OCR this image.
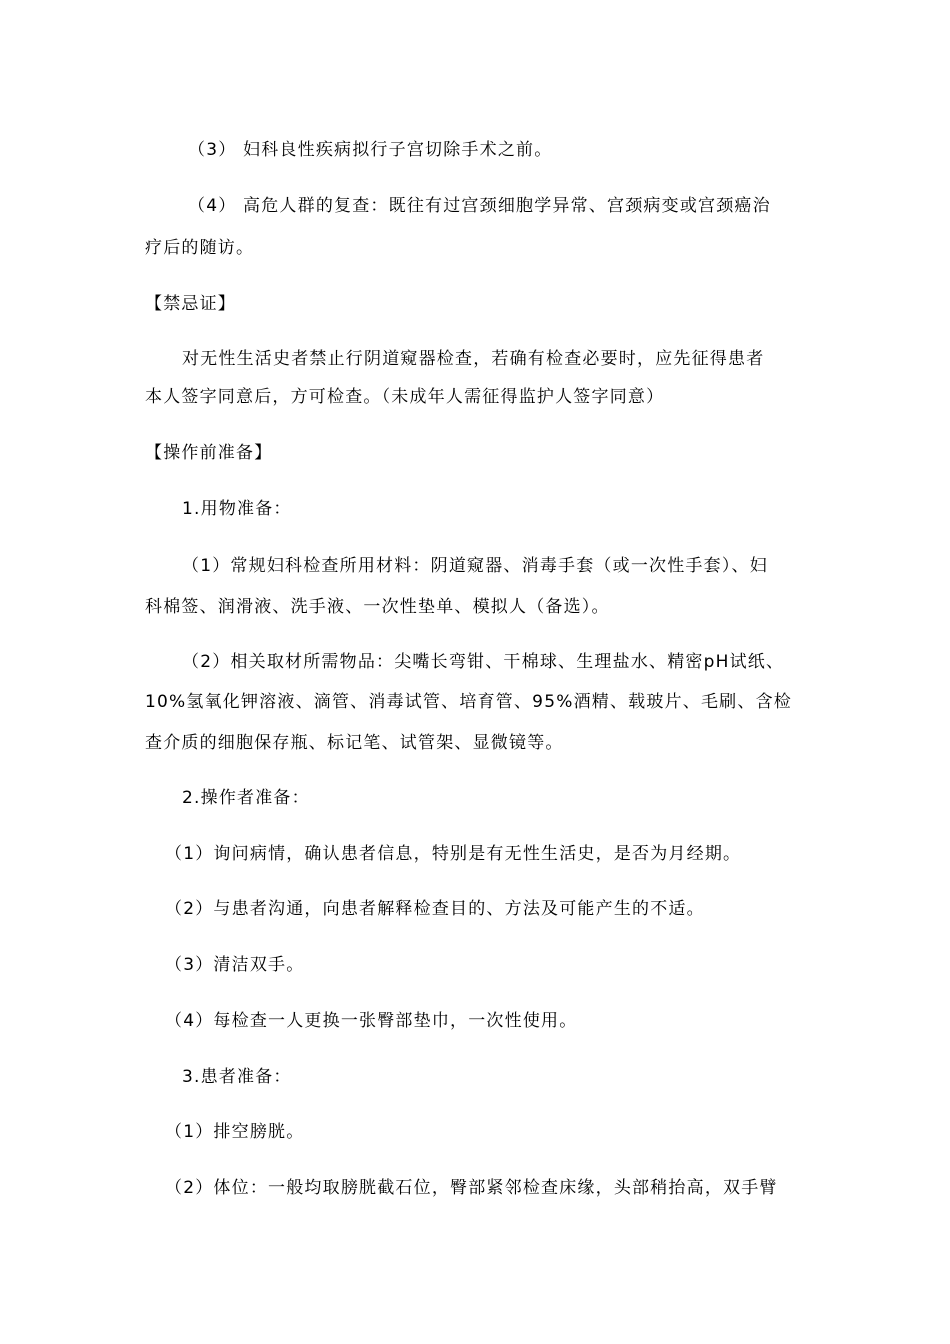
（3） 妇科良性疾病拟行子宫切除手术之前。
（4） 高危人群的复查：既往有过宫颈细胞学异常、宫颈病变或宫颈癌治
疗后的随访。
【禁忌证】
对无性生活史者禁止行阴道窥器检查，若确有检查必要时，应先征得患者
本人签字同意后，方可检查。（未成年人需征得监护人签字同意）
【操作前准备】
1.用物准备：
（1）常规妇科检查所用材料：阴道窥器、消毒手套（或一次性手套）、妇
科棉签、润滑液、洗手液、一次性垫单、模拟人（备选）。
（2）相关取材所需物品：尖嘴长弯钳、干棉球、生理盐水、精密pH试纸、
10%氢氧化钾溶液、滴管、消毒试管、培育管、95%酒精、载玻片、毛刷、含检
查介质的细胞保存瓶、标记笔、试管架、显微镜等。
2.操作者准备：
（1）询问病情，确认患者信息，特别是有无性生活史，是否为月经期。
（2）与患者沟通，向患者解释检查目的、方法及可能产生的不适。
（3）清洁双手。
（4）每检查一人更换一张臀部垫巾，一次性使用。
3.患者准备：
（1）排空膀胱。
（2）体位：一般均取膀胱截石位，臀部紧邻检查床缘，头部稍抬高，双手臂
